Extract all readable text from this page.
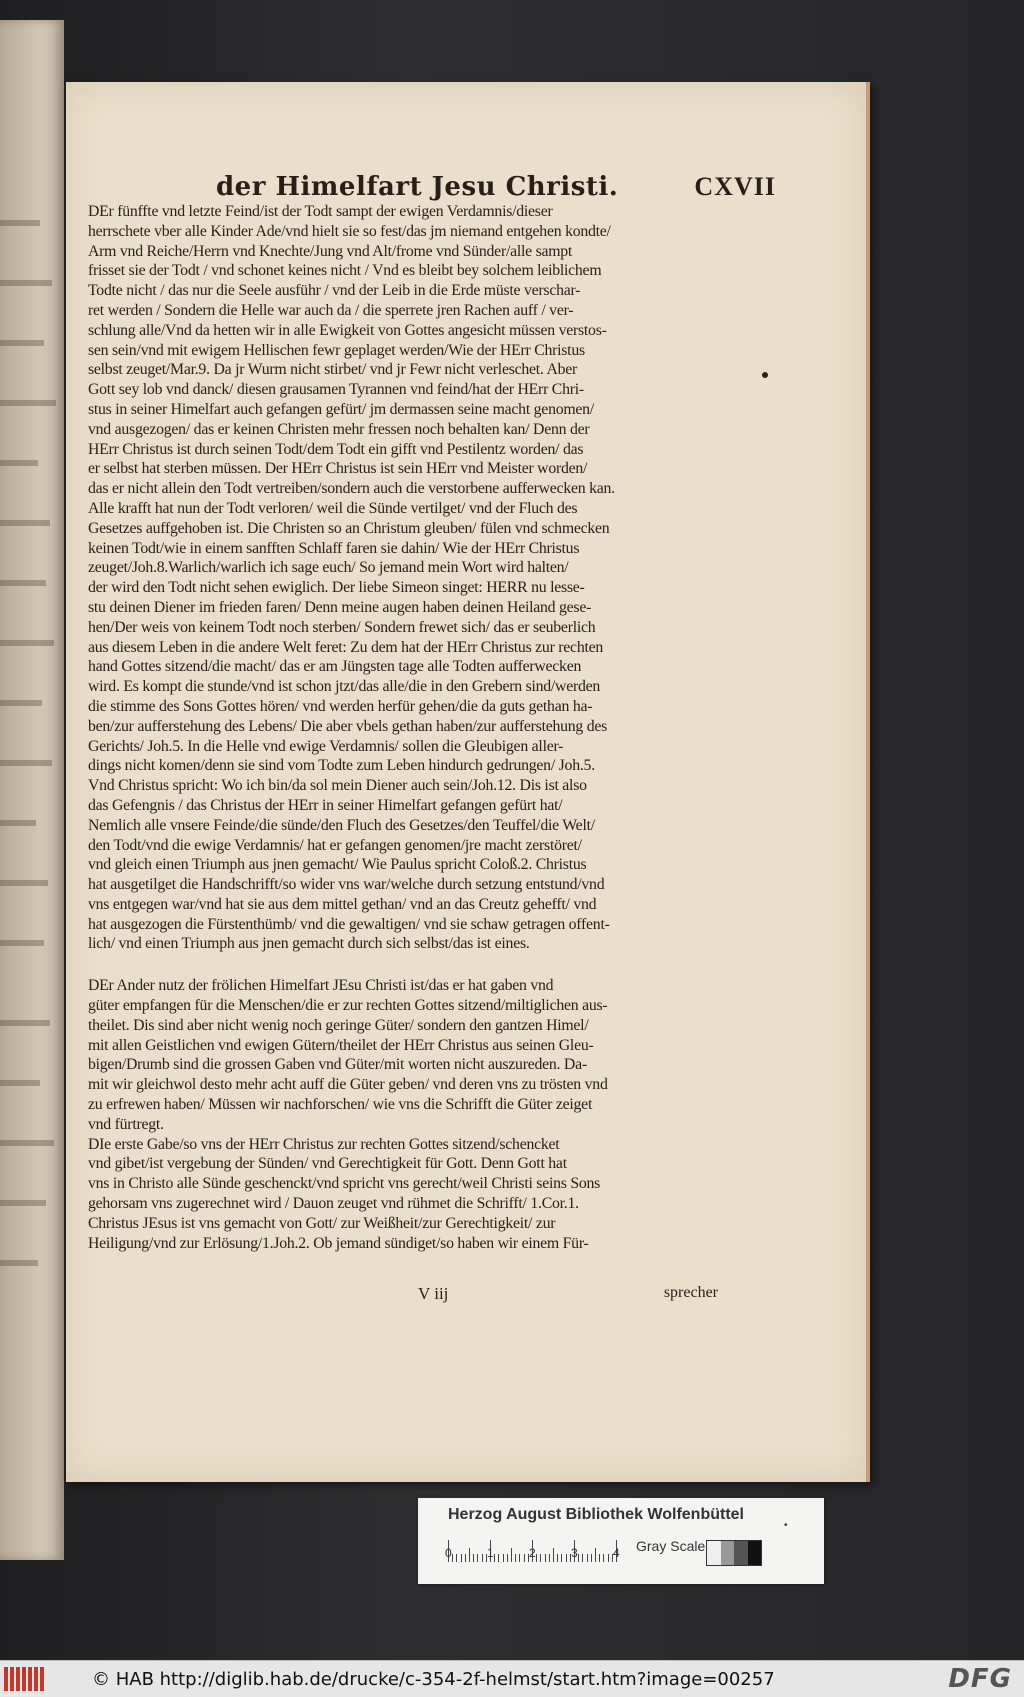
der Himelfart Jesu Christi.	CXVII
DEr fünffte vnd letzte Feind/ist der Todt sampt der ewigen Verdamnis/dieser
herrschete vber alle Kinder Ade/vnd hielt sie so fest/das jm niemand entgehen kondte/
Arm vnd Reiche/Herrn vnd Knechte/Jung vnd Alt/frome vnd Sünder/alle sampt
frisset sie der Todt / vnd schonet keines nicht / Vnd es bleibt bey solchem leiblichem
Todte nicht / das nur die Seele ausführ / vnd der Leib in die Erde müste verschar-
ret werden / Sondern die Helle war auch da / die sperrete jren Rachen auff / ver-
schlung alle/Vnd da hetten wir in alle Ewigkeit von Gottes angesicht müssen verstos-
sen sein/vnd mit ewigem Hellischen fewr geplaget werden/Wie der HErr Christus
selbst zeuget/Mar.9. Da jr Wurm nicht stirbet/ vnd jr Fewr nicht verleschet. Aber
Gott sey lob vnd danck/ diesen grausamen Tyrannen vnd feind/hat der HErr Chri-
stus in seiner Himelfart auch gefangen gefürt/ jm dermassen seine macht genomen/
vnd ausgezogen/ das er keinen Christen mehr fressen noch behalten kan/ Denn der
HErr Christus ist durch seinen Todt/dem Todt ein gifft vnd Pestilentz worden/ das
er selbst hat sterben müssen. Der HErr Christus ist sein HErr vnd Meister worden/
das er nicht allein den Todt vertreiben/sondern auch die verstorbene aufferwecken kan.
Alle krafft hat nun der Todt verloren/ weil die Sünde vertilget/ vnd der Fluch des
Gesetzes auffgehoben ist. Die Christen so an Christum gleuben/ fülen vnd schmecken
keinen Todt/wie in einem sanfften Schlaff faren sie dahin/ Wie der HErr Christus
zeuget/Joh.8.Warlich/warlich ich sage euch/ So jemand mein Wort wird halten/
der wird den Todt nicht sehen ewiglich. Der liebe Simeon singet: HERR nu lesse-
stu deinen Diener im frieden faren/ Denn meine augen haben deinen Heiland gese-
hen/Der weis von keinem Todt noch sterben/ Sondern frewet sich/ das er seuberlich
aus diesem Leben in die andere Welt feret: Zu dem hat der HErr Christus zur rechten
hand Gottes sitzend/die macht/ das er am Jüngsten tage alle Todten aufferwecken
wird. Es kompt die stunde/vnd ist schon jtzt/das alle/die in den Grebern sind/werden
die stimme des Sons Gottes hören/ vnd werden herfür gehen/die da guts gethan ha-
ben/zur aufferstehung des Lebens/ Die aber vbels gethan haben/zur aufferstehung des
Gerichts/ Joh.5. In die Helle vnd ewige Verdamnis/ sollen die Gleubigen aller-
dings nicht komen/denn sie sind vom Todte zum Leben hindurch gedrungen/ Joh.5.
Vnd Christus spricht: Wo ich bin/da sol mein Diener auch sein/Joh.12. Dis ist also
das Gefengnis / das Christus der HErr in seiner Himelfart gefangen gefürt hat/
Nemlich alle vnsere Feinde/die sünde/den Fluch des Gesetzes/den Teuffel/die Welt/
den Todt/vnd die ewige Verdamnis/ hat er gefangen genomen/jre macht zerstöret/
vnd gleich einen Triumph aus jnen gemacht/ Wie Paulus spricht Coloß.2. Christus
hat ausgetilget die Handschrifft/so wider vns war/welche durch setzung entstund/vnd
vns entgegen war/vnd hat sie aus dem mittel gethan/ vnd an das Creutz gehefft/ vnd
hat ausgezogen die Fürstenthümb/ vnd die gewaltigen/ vnd sie schaw getragen offent-
lich/ vnd einen Triumph aus jnen gemacht durch sich selbst/das ist eines.
DEr Ander nutz der frölichen Himelfart JEsu Christi ist/das er hat gaben vnd
güter empfangen für die Menschen/die er zur rechten Gottes sitzend/miltiglichen aus-
theilet. Dis sind aber nicht wenig noch geringe Güter/ sondern den gantzen Himel/
mit allen Geistlichen vnd ewigen Gütern/theilet der HErr Christus aus seinen Gleu-
bigen/Drumb sind die grossen Gaben vnd Güter/mit worten nicht auszureden. Da-
mit wir gleichwol desto mehr acht auff die Güter geben/ vnd deren vns zu trösten vnd
zu erfrewen haben/ Müssen wir nachforschen/ wie vns die Schrifft die Güter zeiget
vnd fürtregt.
DIe erste Gabe/so vns der HErr Christus zur rechten Gottes sitzend/schencket
vnd gibet/ist vergebung der Sünden/ vnd Gerechtigkeit für Gott. Denn Gott hat
vns in Christo alle Sünde geschenckt/vnd spricht vns gerecht/weil Christi seins Sons
gehorsam vns zugerechnet wird / Dauon zeuget vnd rühmet die Schrifft/ 1.Cor.1.
Christus JEsus ist vns gemacht von Gott/ zur Weißheit/zur Gerechtigkeit/ zur
Heiligung/vnd zur Erlösung/1.Joh.2. Ob jemand sündiget/so haben wir einem Für-
V iij	sprecher
Herzog August Bibliothek Wolfenbüttel
0	1	2	3	4 Gray Scale
•
© HAB http://diglib.hab.de/drucke/c-354-2f-helmst/start.htm?image=00257	DFG
